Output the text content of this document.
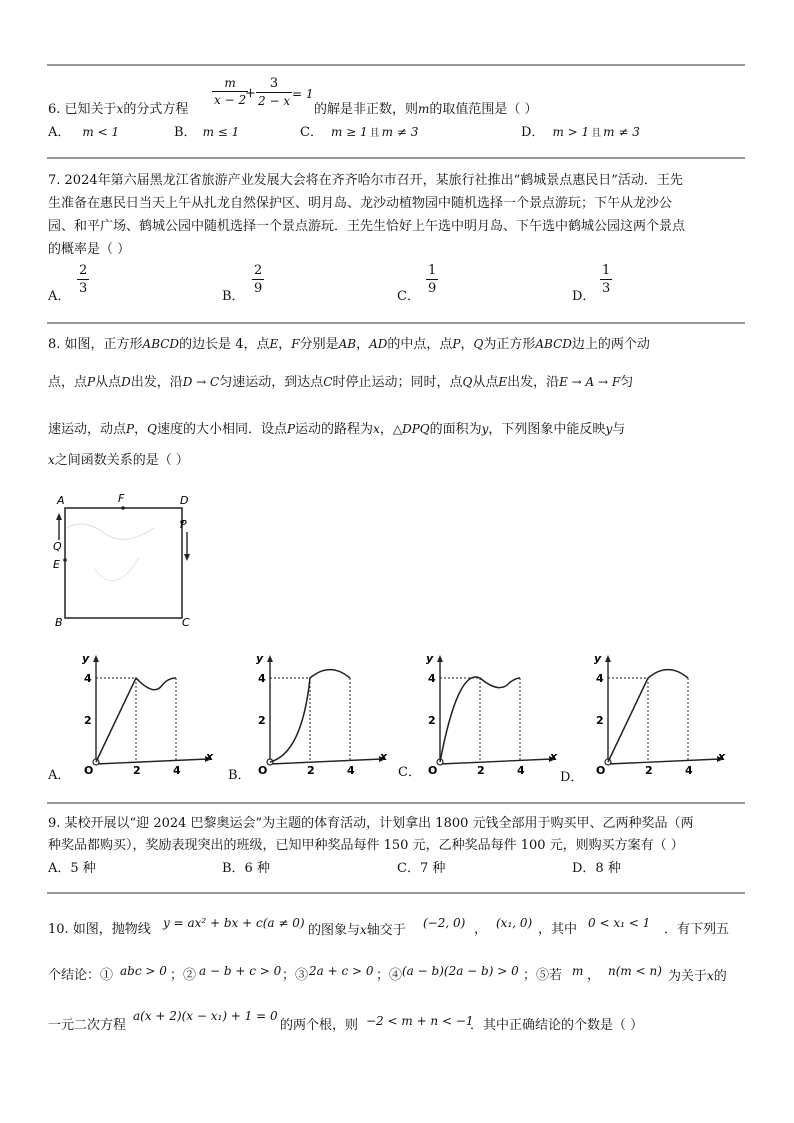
6. 已知关于x的分式方程
m
x − 2
+
3
2 − x = 1
的解是非正数，则m的取值范围是（ ）
A． m < 1	B． m ≤ 1	C． m ≥ 1 且 m ≠ 3	D． m > 1 且 m ≠ 3
7. 2024年第六届黑龙江省旅游产业发展大会将在齐齐哈尔市召开，某旅行社推出“鹤城景点惠民日”活动．王先
生准备在惠民日当天上午从扎龙自然保护区、明月岛、龙沙动植物园中随机选择一个景点游玩；下午从龙沙公
园、和平广场、鹤城公园中随机选择一个景点游玩．王先生恰好上午选中明月岛、下午选中鹤城公园这两个景点
的概率是（ ）
A．
2
3
B．
2
9
C．
1
9
D．
1
3
8. 如图，正方形ABCD的边长是 4，点E，F分别是AB，AD的中点，点P，Q为正方形ABCD边上的两个动
点，点P从点D出发，沿D → C匀速运动，到达点C时停止运动；同时，点Q从点E出发，沿E → A → F匀
速运动，动点P，Q速度的大小相同．设点P运动的路程为x，△DPQ的面积为y，下列图象中能反映y与
x之间函数关系的是（ ）
A	F	D
Q
E
P
B	C
A．	B．	C．	D．
y
x
O	2	4
2
4
y
x
O	2	4
2
4
y
x
O	2	4
2
4
y
x
O	2	4
2
4
9. 某校开展以“迎 2024 巴黎奥运会”为主题的体育活动，计划拿出 1800 元钱全部用于购买甲、乙两种奖品（两
种奖品都购买），奖励表现突出的班级，已知甲种奖品每件 150 元，乙种奖品每件 100 元，则购买方案有（ ）
A．5 种	B．6 种	C．7 种	D．8 种
10. 如图，抛物线 y = ax² + bx + c(a ≠ 0) 的图象与x轴交于 (−2, 0) ， (x₁, 0) ，其中 0 < x₁ < 1 ．有下列五
个结论：① abc > 0 ；② a − b + c > 0 ；③ 2a + c > 0 ；④ (a − b)(2a − b) > 0 ；⑤若 m ， n(m < n) 为关于x的
一元二次方程
a(x + 2)(x − x₁) + 1 = 0
的两个根，则 −2 < m + n < −1
．其中正确结论的个数是（ ）
